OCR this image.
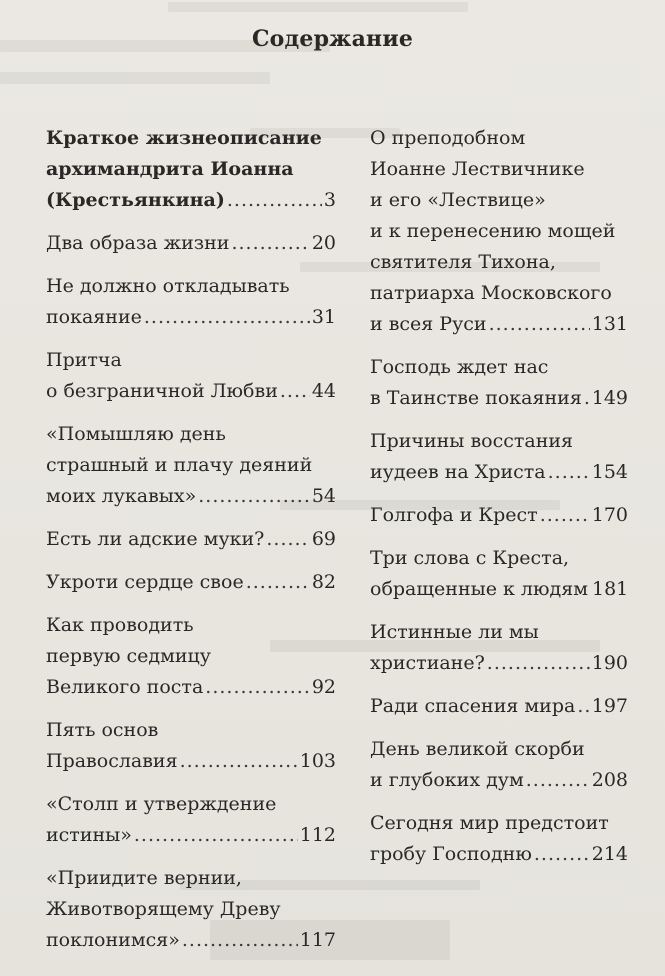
Содержание
Краткое жизнеописание
архимандрита Иоанна
(Крестьянкина) .....	3
Два образа жизни .....	20
Не должно откладывать
покаяние .....	31
Притча
о безграничной Любви ..... 44
«Помышляю день
страшный и плачу деяний
моих лукавых» .....	54
Есть ли адские муки? ..... 69
Укроти сердце свое .....	82
Как проводить
первую седмицу
Великого поста .....	92
Пять основ
Православия .....	103
«Столп и утверждение
истины» .....	112
«Приидите вернии,
Животворящему Древу
поклонимся» .....	117
О преподобном
Иоанне Лествичнике
и его «Лествице»
и к перенесению мощей
святителя Тихона,
патриарха Московского
и всея Руси .....	131
Господь ждет нас
в Таинстве покаяния ..... 149
Причины восстания
иудеев на Христа ..... 154
Голгофа и Крест .....	170
Три слова с Креста,
обращенные к людям 181
Истинные ли мы
христиане? .....	190
Ради спасения мира ..... 197
День великой скорби
и глубоких дум .....	208
Сегодня мир предстоит
гробу Господню .....	214
